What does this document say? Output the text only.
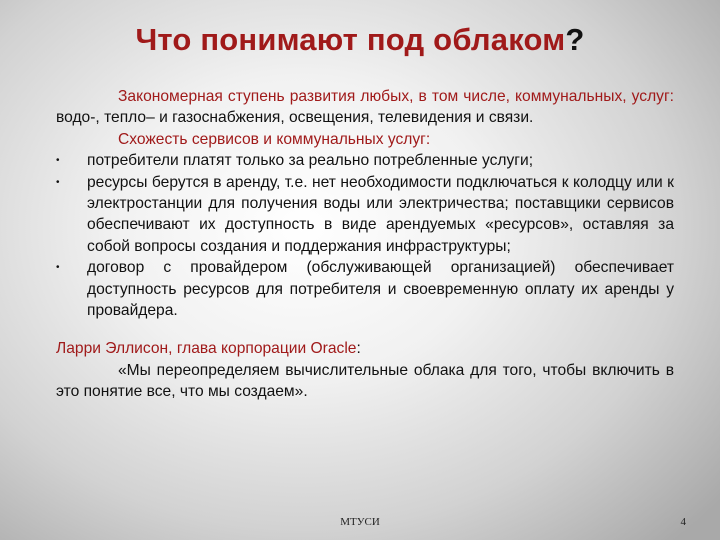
Что понимают под облаком?

Закономерная ступень развития любых, в том числе, коммунальных, услуг: водо-, тепло– и газоснабжения, освещения, телевидения и связи.

Схожесть сервисов и коммунальных услуг:

• потребители платят только за реально потребленные услуги;
• ресурсы берутся в аренду, т.е. нет необходимости подключаться к колодцу или к электростанции для получения воды или электричества; поставщики сервисов обеспечивают их доступность в виде арендуемых «ресурсов», оставляя за собой вопросы создания и поддержания инфраструктуры;
• договор с провайдером (обслуживающей организацией) обеспечивает доступность ресурсов для потребителя и своевременную оплату их аренды у провайдера.

Ларри Эллисон, глава корпорации Oracle:

«Мы переопределяем вычислительные облака для того, чтобы включить в это понятие все, что мы создаем».

МТУСИ	4
